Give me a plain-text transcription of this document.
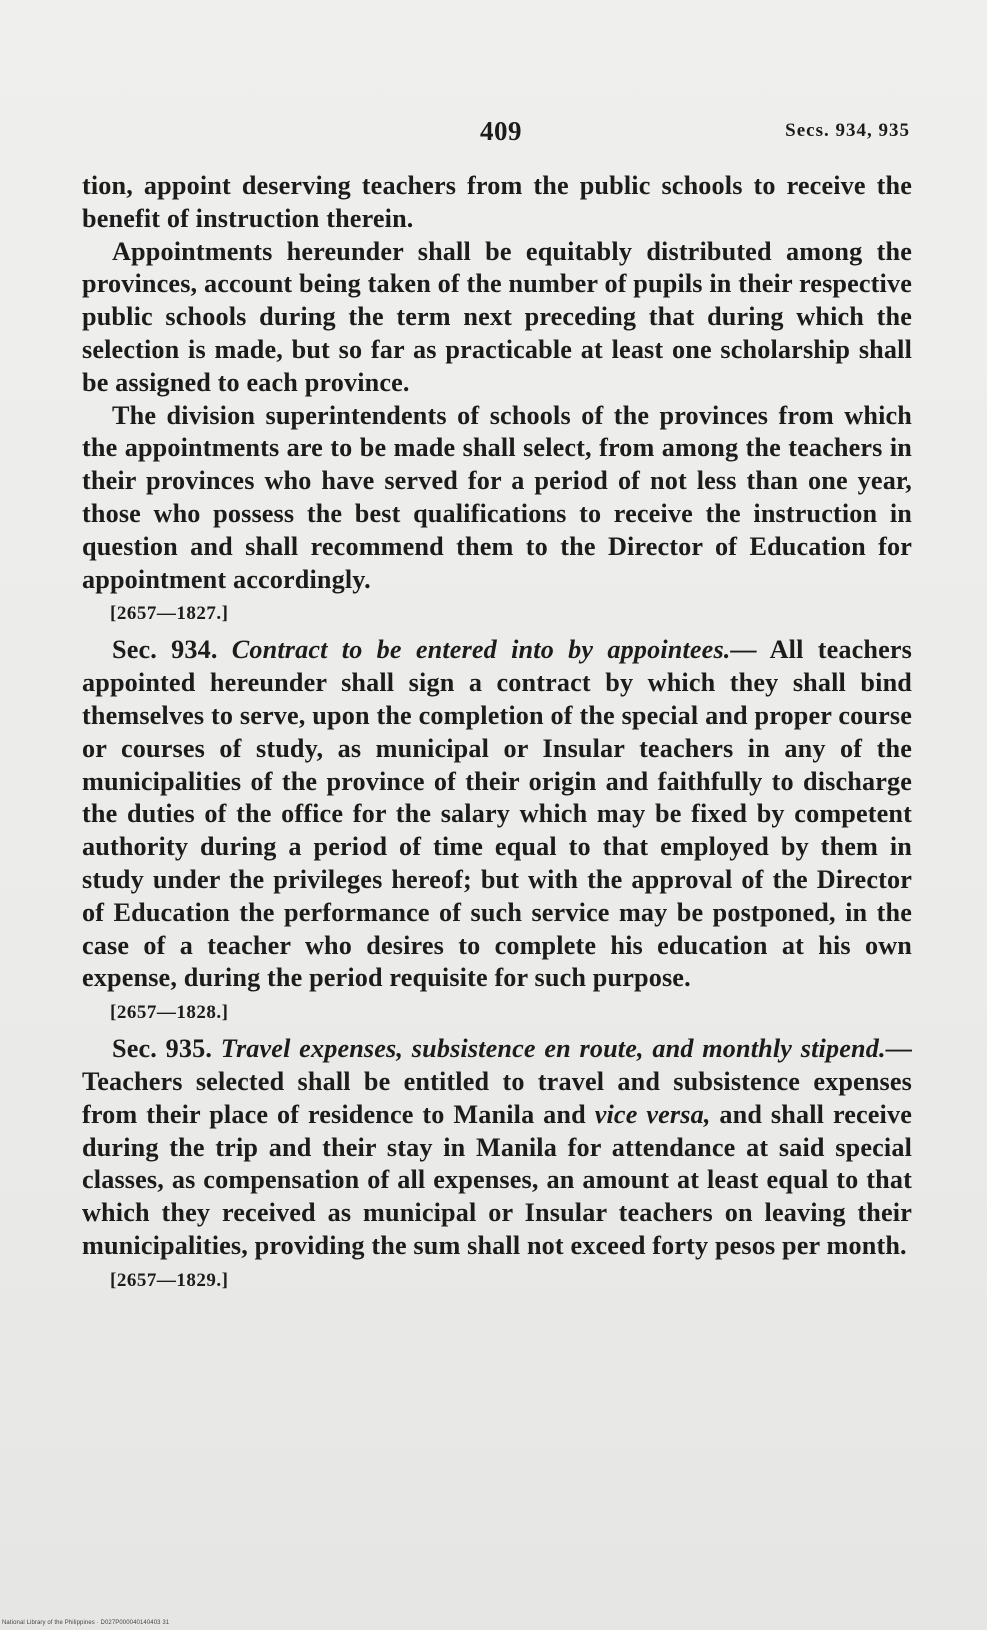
409	Secs. 934, 935

tion, appoint deserving teachers from the public schools to receive the benefit of instruction therein.

Appointments hereunder shall be equitably distributed among the provinces, account being taken of the number of pupils in their respective public schools during the term next preceding that during which the selection is made, but so far as practicable at least one scholarship shall be assigned to each province.

The division superintendents of schools of the provinces from which the appointments are to be made shall select, from among the teachers in their provinces who have served for a period of not less than one year, those who possess the best qualifications to receive the instruction in question and shall recommend them to the Director of Education for appointment accordingly.

[2657—1827.]

Sec. 934. Contract to be entered into by appointees.— All teachers appointed hereunder shall sign a contract by which they shall bind themselves to serve, upon the completion of the special and proper course or courses of study, as municipal or Insular teachers in any of the municipalities of the province of their origin and faithfully to discharge the duties of the office for the salary which may be fixed by competent authority during a period of time equal to that employed by them in study under the privileges hereof; but with the approval of the Director of Education the performance of such service may be postponed, in the case of a teacher who desires to complete his education at his own expense, during the period requisite for such purpose.

[2657—1828.]

Sec. 935. Travel expenses, subsistence en route, and monthly stipend.—Teachers selected shall be entitled to travel and subsistence expenses from their place of residence to Manila and vice versa, and shall receive during the trip and their stay in Manila for attendance at said special classes, as compensation of all expenses, an amount at least equal to that which they received as municipal or Insular teachers on leaving their municipalities, providing the sum shall not exceed forty pesos per month.

[2657—1829.]

National Library of the Philippines · D027P000040140403 31
